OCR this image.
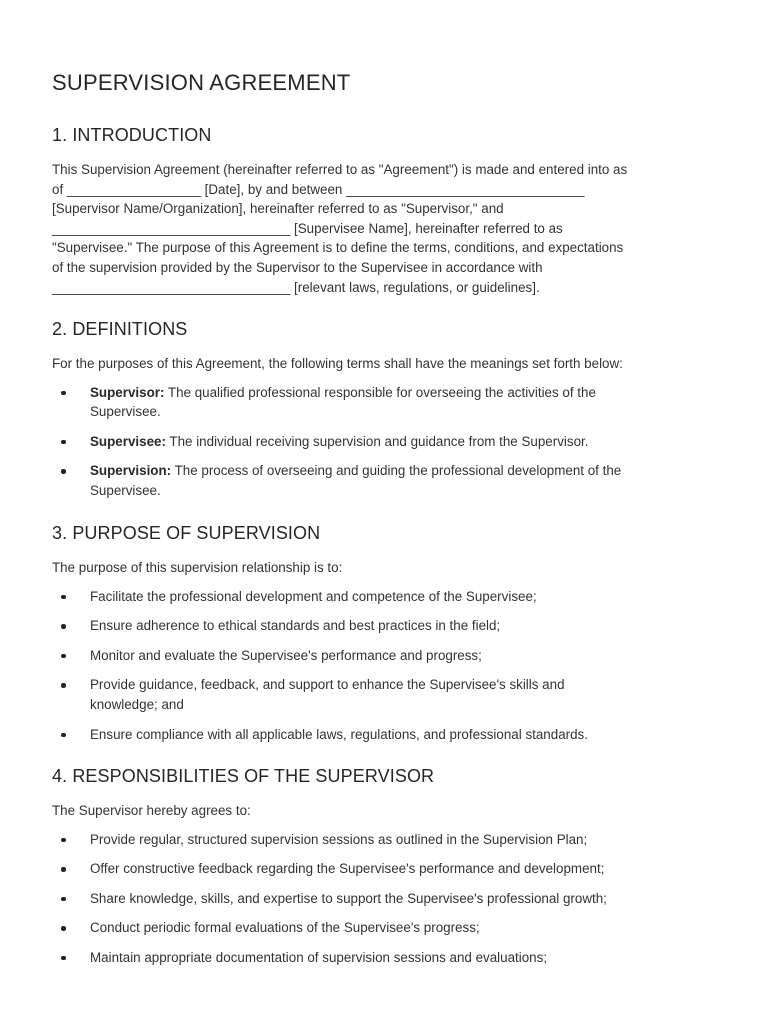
SUPERVISION AGREEMENT
1. INTRODUCTION

This Supervision Agreement (hereinafter referred to as "Agreement") is made and entered into as

of __________________ [Date], by and between ________________________________

[Supervisor Name/Organization], hereinafter referred to as "Supervisor," and

________________________________ [Supervisee Name], hereinafter referred to as

"Supervisee." The purpose of this Agreement is to define the terms, conditions, and expectations

of the supervision provided by the Supervisor to the Supervisee in accordance with

________________________________ [relevant laws, regulations, or guidelines].

2. DEFINITIONS

For the purposes of this Agreement, the following terms shall have the meanings set forth below:

Supervisor: The qualified professional responsible for overseeing the activities of the
Supervisee.
Supervisee: The individual receiving supervision and guidance from the Supervisor.
Supervision: The process of overseeing and guiding the professional development of the
Supervisee.
3. PURPOSE OF SUPERVISION

The purpose of this supervision relationship is to:

Facilitate the professional development and competence of the Supervisee;
Ensure adherence to ethical standards and best practices in the field;
Monitor and evaluate the Supervisee's performance and progress;
Provide guidance, feedback, and support to enhance the Supervisee's skills and
knowledge; and
Ensure compliance with all applicable laws, regulations, and professional standards.
4. RESPONSIBILITIES OF THE SUPERVISOR

The Supervisor hereby agrees to:

Provide regular, structured supervision sessions as outlined in the Supervision Plan;
Offer constructive feedback regarding the Supervisee's performance and development;
Share knowledge, skills, and expertise to support the Supervisee's professional growth;
Conduct periodic formal evaluations of the Supervisee's progress;
Maintain appropriate documentation of supervision sessions and evaluations;
